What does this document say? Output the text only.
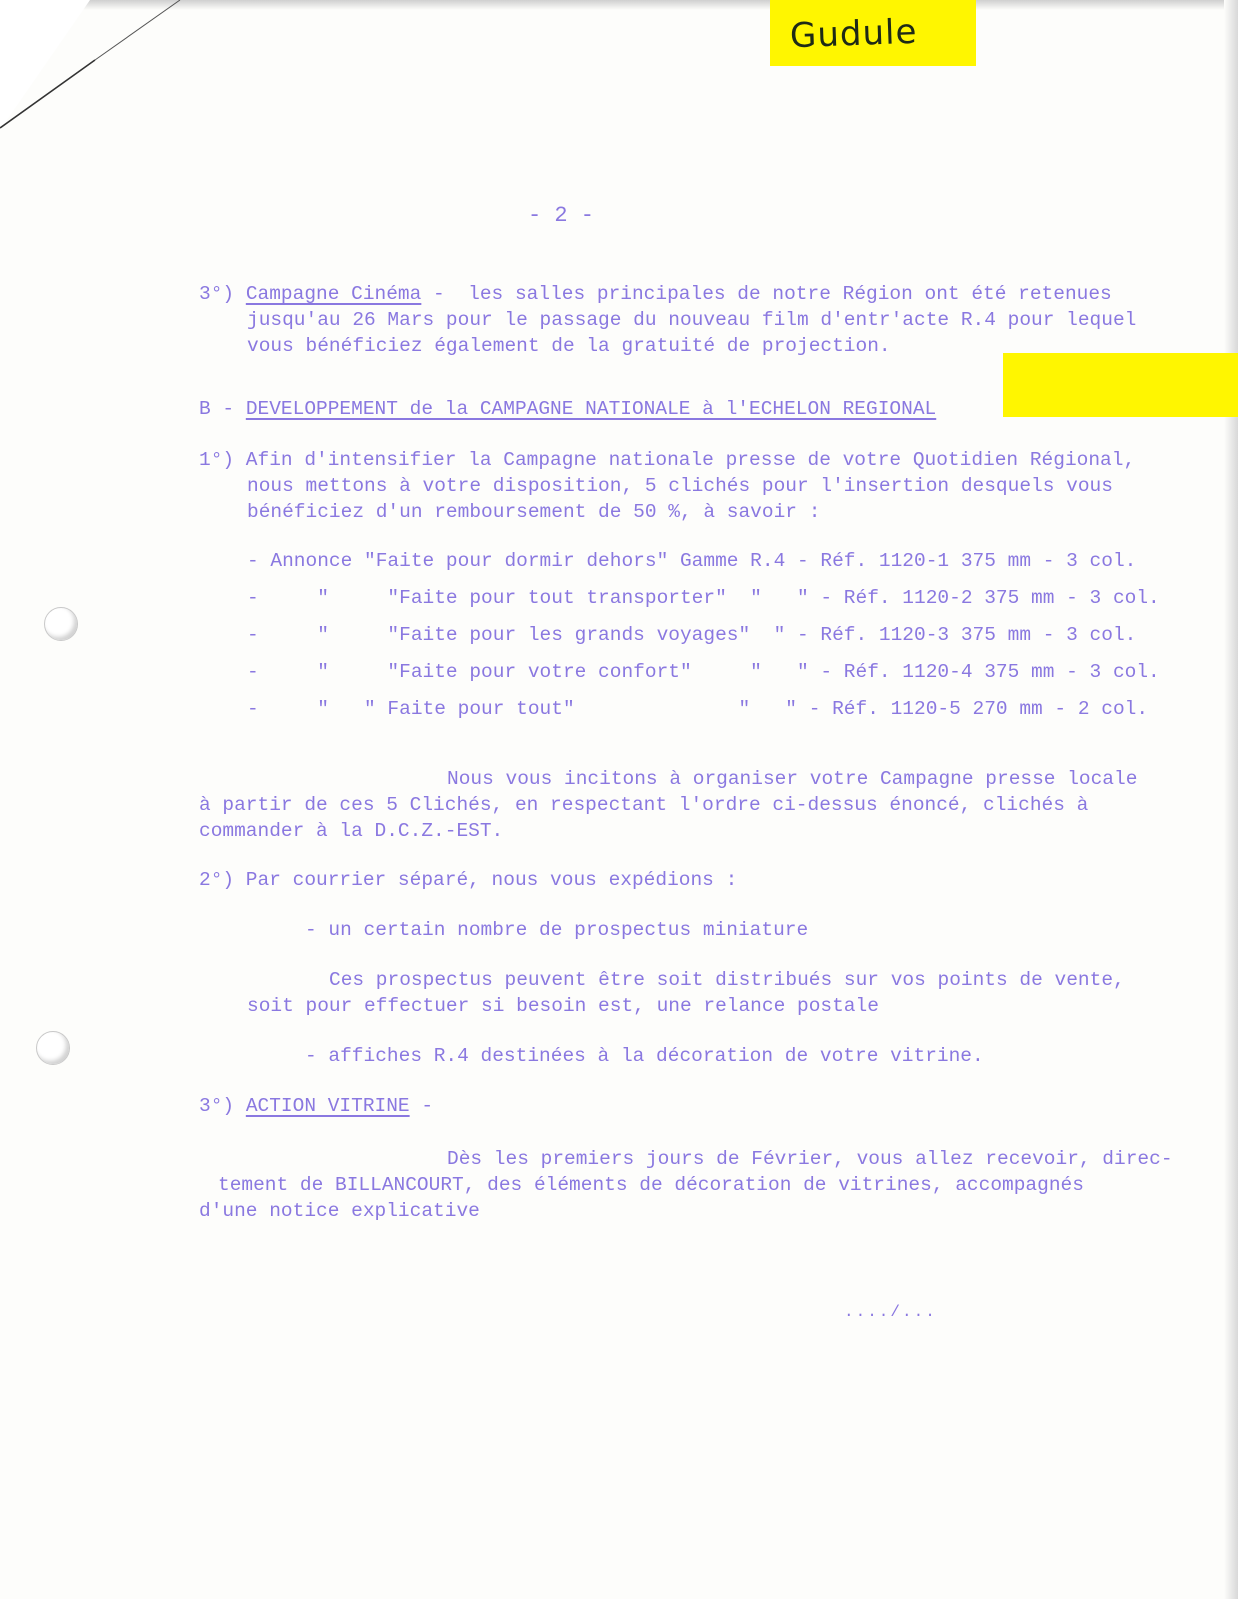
Gudule
- 2 -
3°) Campagne Cinéma -  les salles principales de notre Région ont été retenues
jusqu'au 26 Mars pour le passage du nouveau film d'entr'acte R.4 pour lequel
vous bénéficiez également de la gratuité de projection.
B - DEVELOPPEMENT de la CAMPAGNE NATIONALE à l'ECHELON REGIONAL
1°) Afin d'intensifier la Campagne nationale presse de votre Quotidien Régional,
nous mettons à votre disposition, 5 clichés pour l'insertion desquels vous
bénéficiez d'un remboursement de 50 %, à savoir :
- Annonce "Faite pour dormir dehors" Gamme R.4 - Réf. 1120-1 375 mm - 3 col.
-     "     "Faite pour tout transporter"  "   " - Réf. 1120-2 375 mm - 3 col.
-     "     "Faite pour les grands voyages"  " - Réf. 1120-3 375 mm - 3 col.
-     "     "Faite pour votre confort"     "   " - Réf. 1120-4 375 mm - 3 col.
-     "   " Faite pour tout"              "   " - Réf. 1120-5 270 mm - 2 col.
Nous vous incitons à organiser votre Campagne presse locale
à partir de ces 5 Clichés, en respectant l'ordre ci-dessus énoncé, clichés à
commander à la D.C.Z.-EST.
2°) Par courrier séparé, nous vous expédions :
- un certain nombre de prospectus miniature
Ces prospectus peuvent être soit distribués sur vos points de vente,
soit pour effectuer si besoin est, une relance postale
- affiches R.4 destinées à la décoration de votre vitrine.
3°) ACTION VITRINE -
Dès les premiers jours de Février, vous allez recevoir, direc-
tement de BILLANCOURT, des éléments de décoration de vitrines, accompagnés
d'une notice explicative
..../...
